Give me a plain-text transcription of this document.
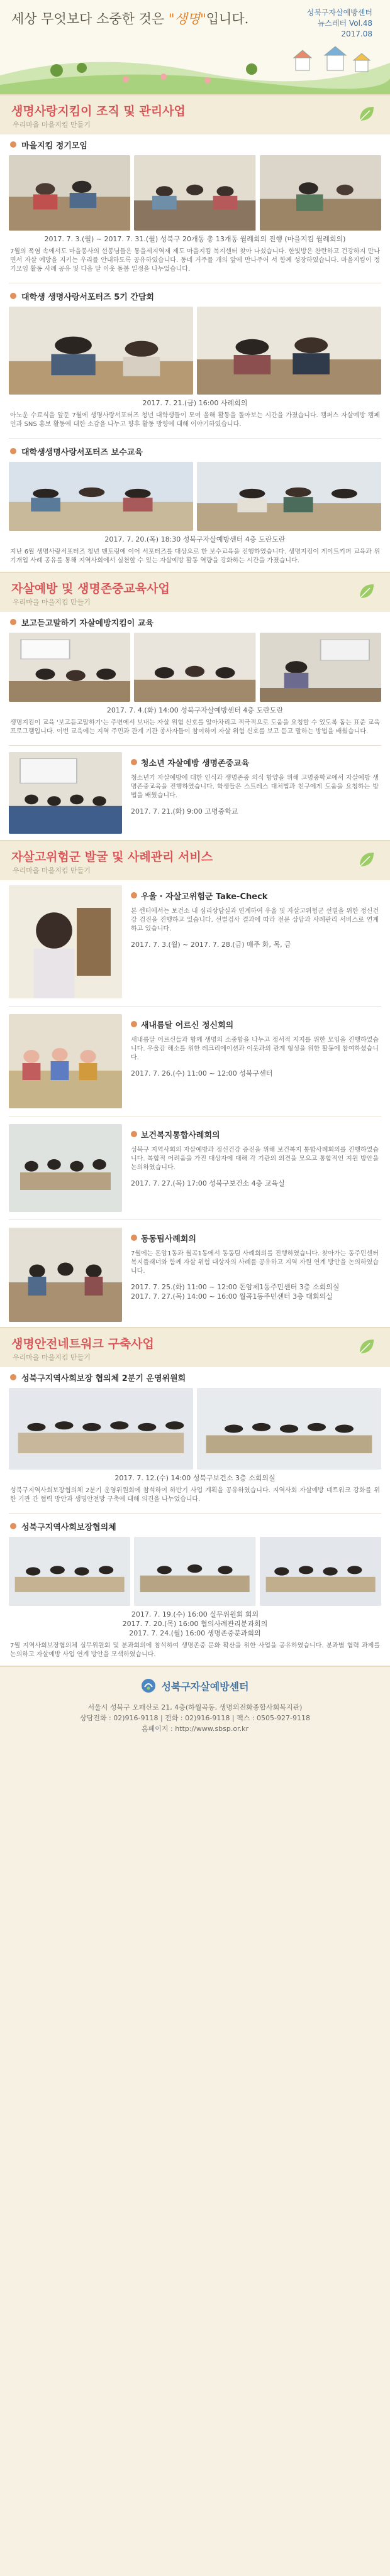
세상 무엇보다 소중한 것은 "생명"입니다.	성북구자살예방센터
뉴스레터 Vol.48
2017.08
생명사랑지킴이 조직 및 관리사업
우리마을 마을지킴 만들기
마을지킴 정기모임
2017. 7. 3.(월) ~ 2017. 7. 31.(월) 성북구 20개동 총 13개동 월례회의 진행 (마을지킴 월례회의)
7월의 폭염 속에서도 마을봉사의 선봉님들은 통을세지역재 제도 마을지킴 복지센터 찾아 나섰습니다. 한빛방은 찬란하고 건강하지 만나면서 자살 예방을 지키는 우리를 안내하도록 공유하였습니다. 동네 거주를 개의 앞에 만나주어 서 함께 성장하였습니다. 마을지킴이 정기모임 활동 사례 공유 및 다음 달 이웃 돌봄 일정을 나누었습니다.
대학생 생명사랑서포터즈 5기 간담회
2017. 7. 21.(금) 16:00 사례회의
아노운 수료식을 앞둔 7월에 생명사랑서포터즈 청년 대학생들이 모여 올해 활동을 돌아보는 시간을 가졌습니다. 캠퍼스 자살예방 캠페인과 SNS 홍보 활동에 대한 소감을 나누고 향후 활동 방향에 대해 이야기하였습니다.
대학생생명사랑서포터즈 보수교육
2017. 7. 20.(목) 18:30 성북구자살예방센터 4층 도란도란
지난 6월 생명사랑서포터즈 청년 멘토링에 이어 서포터즈를 대상으로 한 보수교육을 진행하였습니다. 생명지킴이 게이트키퍼 교육과 위기개입 사례 공유를 통해 지역사회에서 실천할 수 있는 자살예방 활동 역량을 강화하는 시간을 가졌습니다.
자살예방 및 생명존중교육사업
우리마을 마을지킴 만들기
보고듣고말하기 자살예방지킴이 교육
2017. 7. 4.(화) 14:00 성북구자살예방센터 4층 도란도란
생명지킴이 교육 '보고듣고말하기'는 주변에서 보내는 자살 위험 신호를 알아차리고 적극적으로 도움을 요청할 수 있도록 돕는 표준 교육 프로그램입니다. 이번 교육에는 지역 주민과 관계 기관 종사자들이 참여하여 자살 위험 신호를 보고 듣고 말하는 방법을 배웠습니다.
청소년 자살예방 생명존중교육
청소년기 자살예방에 대한 인식과 생명존중 의식 함양을 위해 고명중학교에서 자살예방 생명존중교육을 진행하였습니다. 학생들은 스트레스 대처법과 친구에게 도움을 요청하는 방법을 배웠습니다.
2017. 7. 21.(화) 9:00 고명중학교
자살고위험군 발굴 및 사례관리 서비스
우리마을 마을지킴 만들기
우울 · 자살고위험군 Take-Check
본 센터에서는 보건소 내 심리상담실과 연계하여 우울 및 자살고위험군 선별을 위한 정신건강 검진을 진행하고 있습니다. 선별검사 결과에 따라 전문 상담과 사례관리 서비스로 연계하고 있습니다.
2017. 7. 3.(월) ~ 2017. 7. 28.(금) 매주 화, 목, 금
새내름달 어르신 정신회의
새내름달 어르신들과 함께 생명의 소중함을 나누고 정서적 지지를 위한 모임을 진행하였습니다. 우울감 해소를 위한 레크리에이션과 이웃과의 관계 형성을 위한 활동에 참여하셨습니다.
2017. 7. 26.(수) 11:00 ~ 12:00 성북구센터
보건복지통합사례회의
성북구 지역사회의 자살예방과 정신건강 증진을 위해 보건복지 통합사례회의를 진행하였습니다. 복합적 어려움을 가진 대상자에 대해 각 기관의 의견을 모으고 통합적인 지원 방안을 논의하였습니다.
2017. 7. 27.(목) 17:00 성북구보건소 4층 교육실
동동팀사례회의
7월에는 돈암1동과 월곡1동에서 동동팀 사례회의를 진행하였습니다. 찾아가는 동주민센터 복지플래너와 함께 자살 위험 대상자의 사례를 공유하고 지역 자원 연계 방안을 논의하였습니다.
2017. 7. 25.(화) 11:00 ~ 12:00 돈암제1동주민센터 3층 소회의실
2017. 7. 27.(목) 14:00 ~ 16:00 월곡1동주민센터 3층 대회의실
생명안전네트워크 구축사업
우리마을 마을지킴 만들기
성북구지역사회보장 협의체 2분기 운영위원회
2017. 7. 12.(수) 14:00 성북구보건소 3층 소회의실
성북구지역사회보장협의체 2분기 운영위원회에 참석하여 하반기 사업 계획을 공유하였습니다. 지역사회 자살예방 네트워크 강화를 위한 기관 간 협력 방안과 생명안전망 구축에 대해 의견을 나누었습니다.
성북구지역사회보장협의체
2017. 7. 19.(수) 16:00 실무위원회 회의
2017. 7. 20.(목) 16:00 협의사례관리분과회의
2017. 7. 24.(월) 16:00 생명존중분과회의
7월 지역사회보장협의체 실무위원회 및 분과회의에 참석하여 생명존중 문화 확산을 위한 사업을 공유하였습니다. 분과별 협력 과제를 논의하고 자살예방 사업 연계 방안을 모색하였습니다.
성북구자살예방센터
서울시 성북구 오패산로 21, 4층(하월곡동, 생명의전화종합사회복지관)
상담전화 : 02)916-9118 | 전화 : 02)916-9118 | 팩스 : 0505-927-9118
홈페이지 : http://www.sbsp.or.kr
